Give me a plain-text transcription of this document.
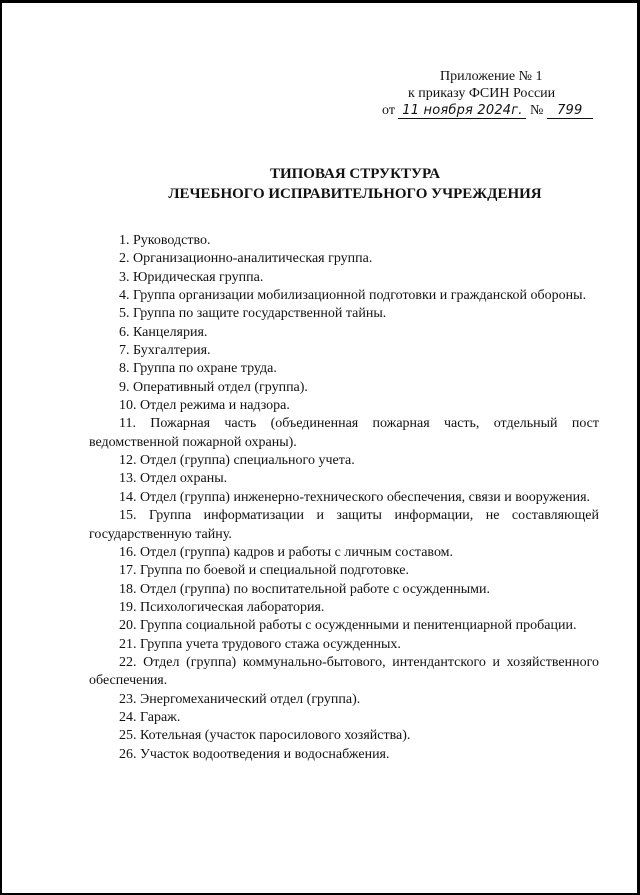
Приложение № 1
к приказу ФСИН России
от 11 ноября 2024г. № 799
ТИПОВАЯ СТРУКТУРА
ЛЕЧЕБНОГО ИСПРАВИТЕЛЬНОГО УЧРЕЖДЕНИЯ
1. Руководство.
2. Организационно-аналитическая группа.
3. Юридическая группа.
4. Группа организации мобилизационной подготовки и гражданской обороны.
5. Группа по защите государственной тайны.
6. Канцелярия.
7. Бухгалтерия.
8. Группа по охране труда.
9. Оперативный отдел (группа).
10. Отдел режима и надзора.
11. Пожарная часть (объединенная пожарная часть, отдельный пост ведомственной пожарной охраны).
12. Отдел (группа) специального учета.
13. Отдел охраны.
14. Отдел (группа) инженерно-технического обеспечения, связи и вооружения.
15. Группа информатизации и защиты информации, не составляющей государственную тайну.
16. Отдел (группа) кадров и работы с личным составом.
17. Группа по боевой и специальной подготовке.
18. Отдел (группа) по воспитательной работе с осужденными.
19. Психологическая лаборатория.
20. Группа социальной работы с осужденными и пенитенциарной пробации.
21. Группа учета трудового стажа осужденных.
22. Отдел (группа) коммунально-бытового, интендантского и хозяйственного обеспечения.
23. Энергомеханический отдел (группа).
24. Гараж.
25. Котельная (участок паросилового хозяйства).
26. Участок водоотведения и водоснабжения.
